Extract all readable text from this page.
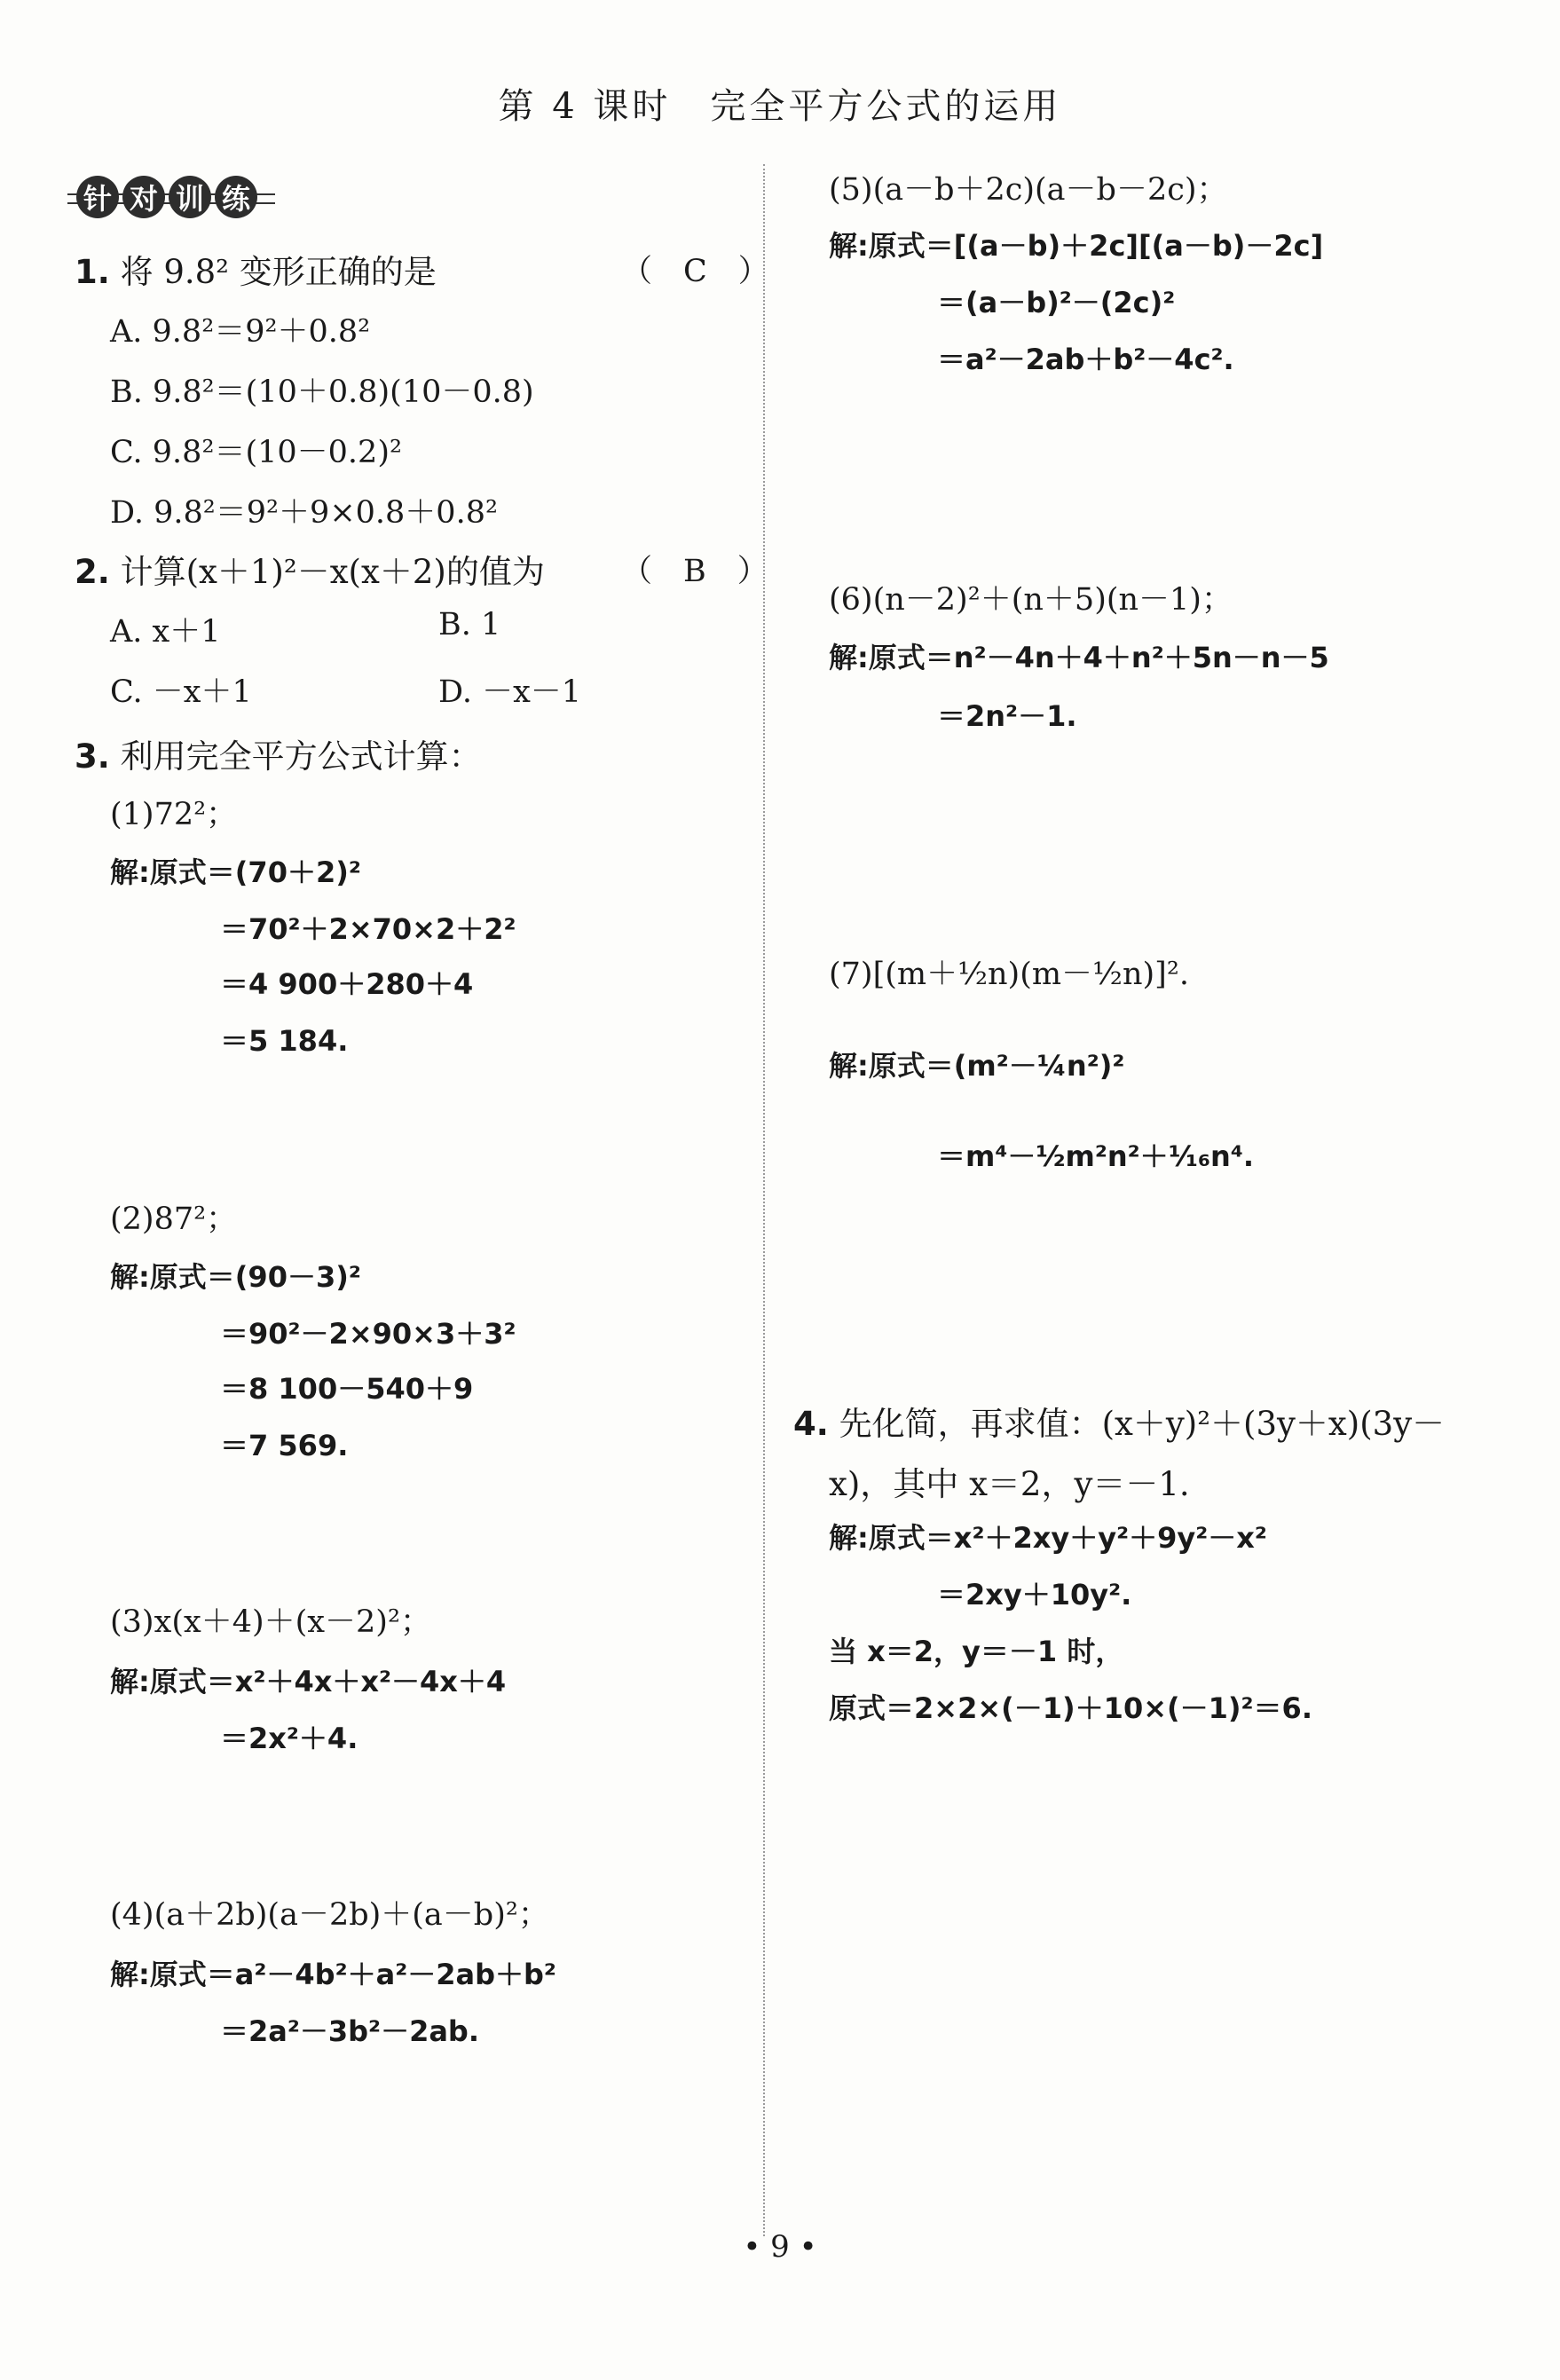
第 4 课时　完全平方公式的运用
针 对 训 练
1. 将 9.8² 变形正确的是	（　C　）
A. 9.8²＝9²＋0.8²
B. 9.8²＝(10＋0.8)(10－0.8)
C. 9.8²＝(10－0.2)²
D. 9.8²＝9²＋9×0.8＋0.8²
2. 计算(x＋1)²－x(x＋2)的值为 （　B　）
A. x＋1	B. 1
C. －x＋1	D. －x－1
3. 利用完全平方公式计算：
(1)72²；
解:原式＝(70＋2)²
＝70²＋2×70×2＋2²
＝4 900＋280＋4
＝5 184.
(2)87²；
解:原式＝(90－3)²
＝90²－2×90×3＋3²
＝8 100－540＋9
＝7 569.
(3)x(x＋4)＋(x－2)²；
解:原式＝x²＋4x＋x²－4x＋4
＝2x²＋4.
(4)(a＋2b)(a－2b)＋(a－b)²；
解:原式＝a²－4b²＋a²－2ab＋b²
＝2a²－3b²－2ab.
(5)(a－b＋2c)(a－b－2c)；
解:原式＝[(a－b)＋2c][(a－b)－2c]
＝(a－b)²－(2c)²
＝a²－2ab＋b²－4c².
(6)(n－2)²＋(n＋5)(n－1)；
解:原式＝n²－4n＋4＋n²＋5n－n－5
＝2n²－1.
(7)[(m＋½n)(m－½n)]².
解:原式＝(m²－¼n²)²
＝m⁴－½m²n²＋¹⁄₁₆n⁴.
4. 先化简，再求值：(x＋y)²＋(3y＋x)(3y－
x)，其中 x＝2，y＝－1.
解:原式＝x²＋2xy＋y²＋9y²－x²
＝2xy＋10y².
当 x＝2，y＝－1 时，
原式＝2×2×(－1)＋10×(－1)²＝6.
• 9 •
